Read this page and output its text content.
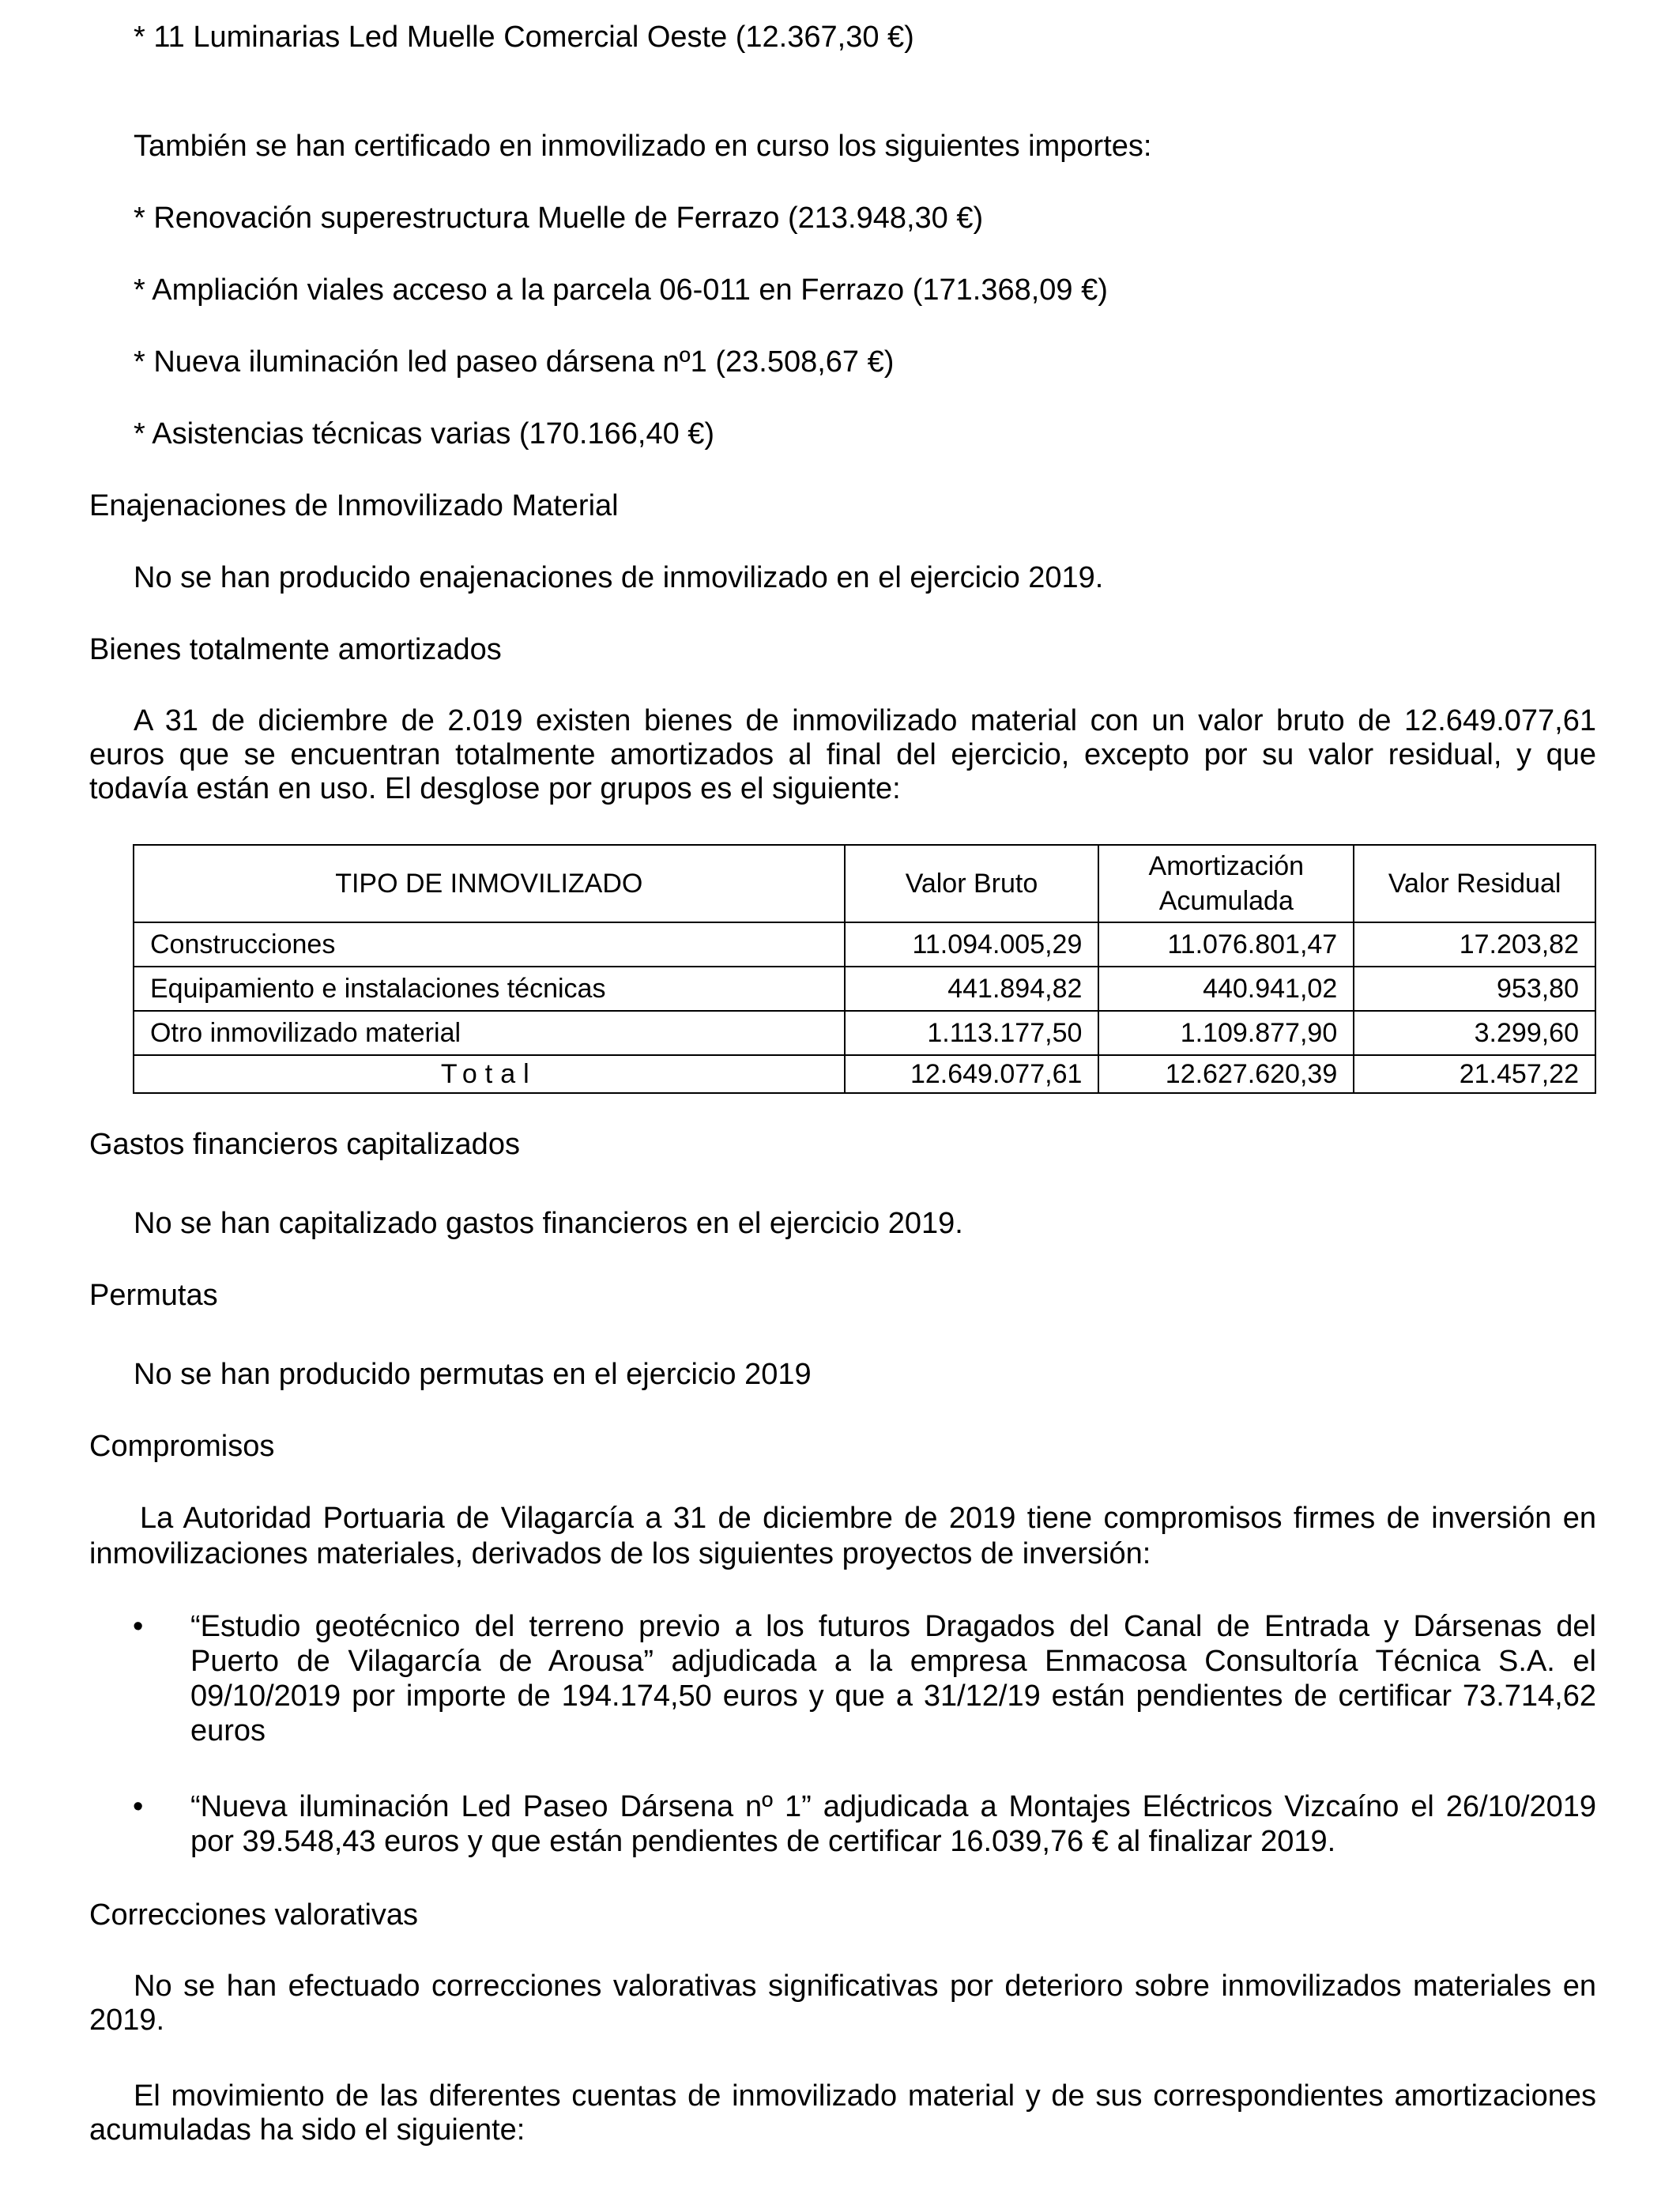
* 11 Luminarias Led Muelle Comercial Oeste (12.367,30 €)

También se han certificado en inmovilizado en curso los siguientes importes:

* Renovación superestructura Muelle de Ferrazo (213.948,30 €)

* Ampliación viales acceso a la parcela 06-011 en Ferrazo (171.368,09 €)

* Nueva iluminación led paseo dársena nº1 (23.508,67 €)

* Asistencias técnicas varias (170.166,40 €)

Enajenaciones de Inmovilizado Material

No se han producido enajenaciones de inmovilizado en el ejercicio 2019.

Bienes totalmente amortizados

A 31 de diciembre de 2.019 existen bienes de inmovilizado material con un valor bruto de 12.649.077,61 euros que se encuentran totalmente amortizados al final del ejercicio, excepto por su valor residual, y que todavía están en uso. El desglose por grupos es el siguiente:

TIPO DE INMOVILIZADO	Valor Bruto	Amortización Acumulada	Valor Residual
Construcciones	11.094.005,29	11.076.801,47	17.203,82
Equipamiento e instalaciones técnicas	441.894,82	440.941,02	953,80
Otro inmovilizado material	1.113.177,50	1.109.877,90	3.299,60
Total	12.649.077,61	12.627.620,39	21.457,22

Gastos financieros capitalizados

No se han capitalizado gastos financieros en el ejercicio 2019.

Permutas

No se han producido permutas en el ejercicio 2019

Compromisos

La Autoridad Portuaria de Vilagarcía a 31 de diciembre de 2019 tiene compromisos firmes de inversión en inmovilizaciones materiales, derivados de los siguientes proyectos de inversión:

• “Estudio geotécnico del terreno previo a los futuros Dragados del Canal de Entrada y Dársenas del Puerto de Vilagarcía de Arousa” adjudicada a la empresa Enmacosa Consultoría Técnica S.A. el 09/10/2019 por importe de 194.174,50 euros y que a 31/12/19 están pendientes de certificar 73.714,62 euros

• “Nueva iluminación Led Paseo Dársena nº 1” adjudicada a Montajes Eléctricos Vizcaíno el 26/10/2019 por 39.548,43 euros y que están pendientes de certificar 16.039,76 € al finalizar 2019.

Correcciones valorativas

No se han efectuado correcciones valorativas significativas por deterioro sobre inmovilizados materiales en 2019.

El movimiento de las diferentes cuentas de inmovilizado material y de sus correspondientes amortizaciones acumuladas ha sido el siguiente:
